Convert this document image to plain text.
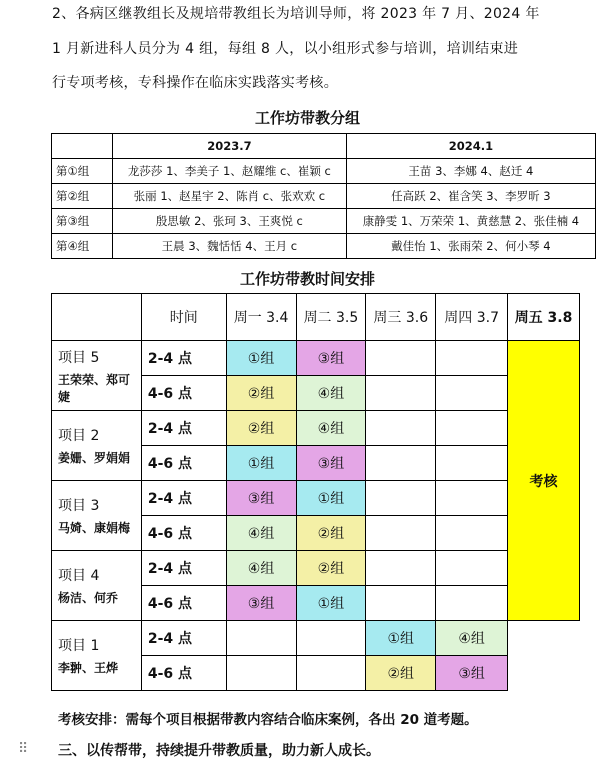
2、各病区继教组长及规培带教组长为培训导师，将 2023 年 7 月、2024 年
1 月新进科人员分为 4 组，每组 8 人，以小组形式参与培训，培训结束进
行专项考核，专科操作在临床实践落实考核。
工作坊带教分组
	2023.7	2024.1
第①组	龙莎莎 1、李美子 1、赵耀维 c、崔颖 c	王苗 3、李娜 4、赵迁 4
第②组	张丽 1、赵星宇 2、陈肖 c、张欢欢 c	任高跃 2、崔含笑 3、李罗昕 3
第③组	殷思敏 2、张珂 3、王爽悦 c	康静雯 1、万荣荣 1、黄慈慧 2、张佳楠 4
第④组	王晨 3、魏恬恬 4、王月 c	戴佳怡 1、张雨荣 2、何小琴 4
工作坊带教时间安排
	时间	周一 3.4	周二 3.5	周三 3.6	周四 3.7	周五 3.8

项目 5
王荣荣、郑可婕	2-4 点	①组	③组			考核
	4-6 点	②组	④组			

项目 2
姜姗、罗娟娟	2-4 点	②组	④组			
	4-6 点	①组	③组			

项目 3
马婍、康娟梅	2-4 点	③组	①组			
	4-6 点	④组	②组			

项目 4
杨洁、何乔	2-4 点	④组	②组			
	4-6 点	③组	①组			

项目 1
李翀、王烨	2-4 点			①组	④组	
	4-6 点			②组	③组	
考核安排：需每个项目根据带教内容结合临床案例，各出 20 道考题。
⠿ 三、以传帮带，持续提升带教质量，助力新人成长。
